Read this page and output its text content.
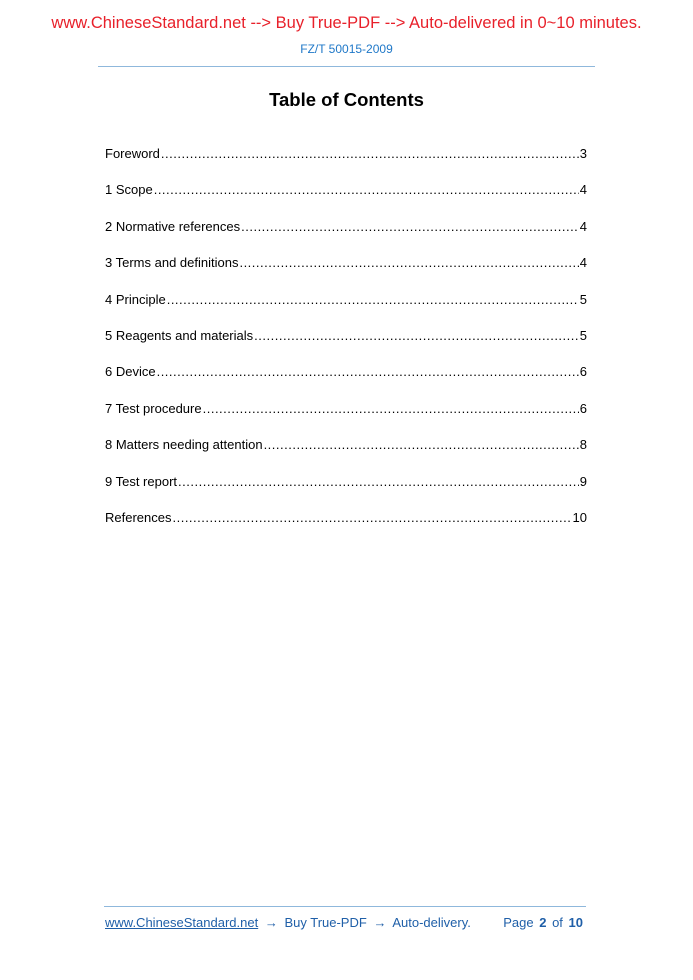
www.ChineseStandard.net --> Buy True-PDF --> Auto-delivered in 0~10 minutes.
FZ/T 50015-2009
Table of Contents
Foreword .....	3
1 Scope .....	4
2 Normative references .....	4
3 Terms and definitions .....	4
4 Principle .....	5
5 Reagents and materials .....	5
6 Device .....	6
7 Test procedure .....	6
8 Matters needing attention .....	8
9 Test report .....	9
References .....	10
www.ChineseStandard.net → Buy True-PDF → Auto-delivery. Page 2 of 10
